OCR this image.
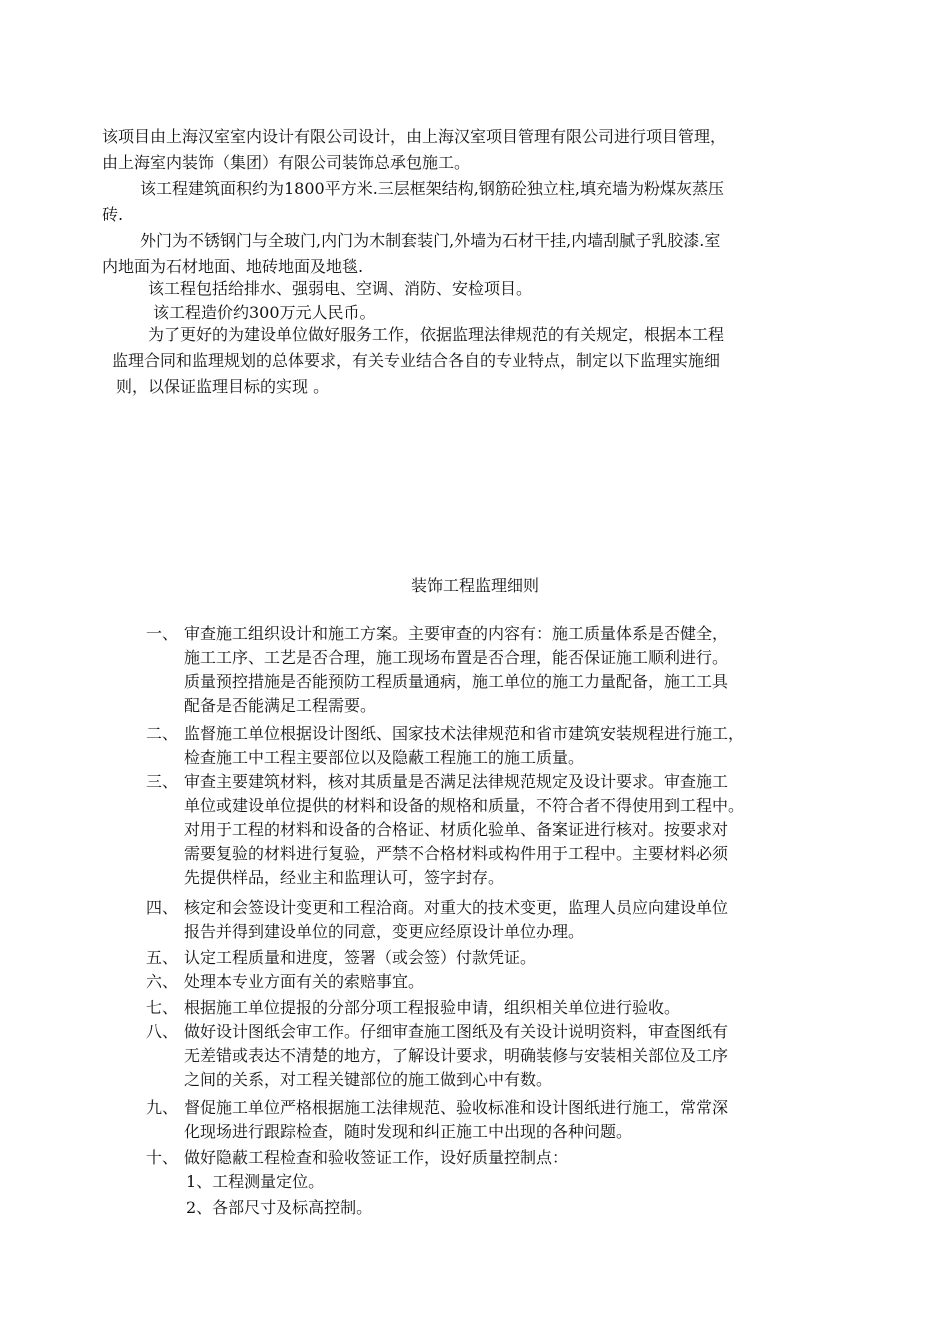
该项目由上海汉室室内设计有限公司设计，由上海汉室项目管理有限公司进行项目管理，
由上海室内装饰（集团）有限公司装饰总承包施工。
该工程建筑面积约为1800平方米.三层框架结构,钢筋砼独立柱,填充墙为粉煤灰蒸压
砖.
外门为不锈钢门与全玻门,内门为木制套装门,外墙为石材干挂,内墙刮腻子乳胶漆.室
内地面为石材地面、地砖地面及地毯.
该工程包括给排水、强弱电、空调、消防、安检项目。
该工程造价约300万元人民币。
为了更好的为建设单位做好服务工作，依据监理法律规范的有关规定，根据本工程
监理合同和监理规划的总体要求，有关专业结合各自的专业特点，制定以下监理实施细
则，以保证监理目标的实现 。
装饰工程监理细则
一、 审查施工组织设计和施工方案。主要审查的内容有：施工质量体系是否健全，
施工工序、工艺是否合理，施工现场布置是否合理，能否保证施工顺利进行。
质量预控措施是否能预防工程质量通病，施工单位的施工力量配备，施工工具
配备是否能满足工程需要。
二、 监督施工单位根据设计图纸、国家技术法律规范和省市建筑安装规程进行施工，
检查施工中工程主要部位以及隐蔽工程施工的施工质量。
三、 审查主要建筑材料，核对其质量是否满足法律规范规定及设计要求。审查施工
单位或建设单位提供的材料和设备的规格和质量，不符合者不得使用到工程中。
对用于工程的材料和设备的合格证、材质化验单、备案证进行核对。按要求对
需要复验的材料进行复验，严禁不合格材料或构件用于工程中。主要材料必须
先提供样品，经业主和监理认可，签字封存。
四、 核定和会签设计变更和工程洽商。对重大的技术变更，监理人员应向建设单位
报告并得到建设单位的同意，变更应经原设计单位办理。
五、 认定工程质量和进度，签署（或会签）付款凭证。
六、 处理本专业方面有关的索赔事宜。
七、 根据施工单位提报的分部分项工程报验申请，组织相关单位进行验收。
八、 做好设计图纸会审工作。仔细审查施工图纸及有关设计说明资料，审查图纸有
无差错或表达不清楚的地方，了解设计要求，明确装修与安装相关部位及工序
之间的关系，对工程关键部位的施工做到心中有数。
九、 督促施工单位严格根据施工法律规范、验收标准和设计图纸进行施工，常常深
化现场进行跟踪检查，随时发现和纠正施工中出现的各种问题。
十、 做好隐蔽工程检查和验收签证工作，设好质量控制点：
1、工程测量定位。
2、各部尺寸及标高控制。
